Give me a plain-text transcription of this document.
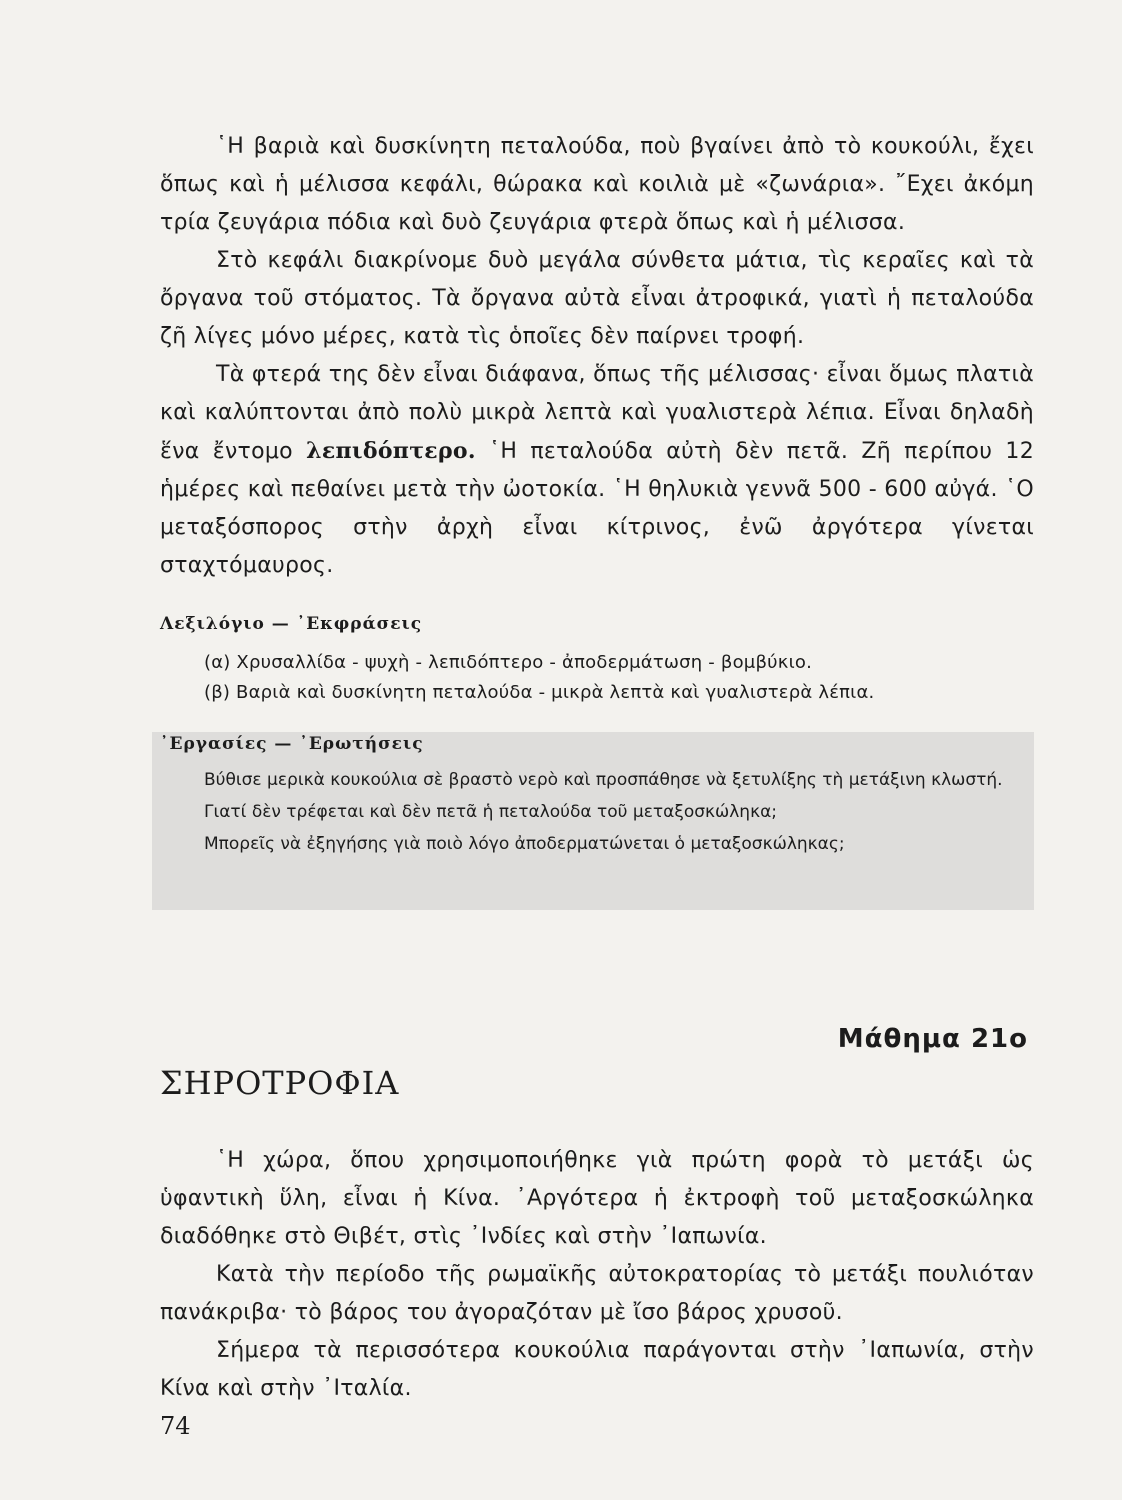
῾Η βαριὰ καὶ δυσκίνητη πεταλούδα, ποὺ βγαίνει ἀπὸ τὸ κουκούλι, ἔχει ὅπως καὶ ἡ μέλισσα κεφάλι, θώρακα καὶ κοιλιὰ μὲ «ζωνάρια». ῎Εχει ἀκόμη τρία ζευγάρια πόδια καὶ δυὸ ζευγάρια φτερὰ ὅπως καὶ ἡ μέλισσα.

Στὸ κεφάλι διακρίνομε δυὸ μεγάλα σύνθετα μάτια, τὶς κεραῖες καὶ τὰ ὄργανα τοῦ στόματος. Τὰ ὄργανα αὐτὰ εἶναι ἀτροφικά, γιατὶ ἡ πεταλούδα ζῆ λίγες μόνο μέρες, κατὰ τὶς ὁποῖες δὲν παίρνει τροφή.

Τὰ φτερά της δὲν εἶναι διάφανα, ὅπως τῆς μέλισσας· εἶναι ὅμως πλατιὰ καὶ καλύπτονται ἀπὸ πολὺ μικρὰ λεπτὰ καὶ γυαλιστερὰ λέπια. Εἶναι δηλαδὴ ἕνα ἔντομο λεπιδόπτερο. ῾Η πεταλούδα αὐτὴ δὲν πετᾶ. Ζῆ περίπου 12 ἡμέρες καὶ πεθαίνει μετὰ τὴν ὠοτοκία. ῾Η θηλυκιὰ γεννᾶ 500 - 600 αὐγά. ῾Ο μεταξόσπορος στὴν ἀρχὴ εἶναι κίτρινος, ἐνῶ ἀργότερα γίνεται σταχτόμαυρος.

Λεξιλόγιο — ᾿Εκφράσεις
(α) Χρυσαλλίδα - ψυχὴ - λεπιδόπτερο - ἀποδερμάτωση - βομβύκιο.
(β) Βαριὰ καὶ δυσκίνητη πεταλούδα - μικρὰ λεπτὰ καὶ γυαλιστερὰ λέπια.
᾿Εργασίες — ᾿Ερωτήσεις

Βύθισε μερικὰ κουκούλια σὲ βραστὸ νερὸ καὶ προσπάθησε νὰ ξετυλίξης τὴ μετάξινη κλωστή.

Γιατί δὲν τρέφεται καὶ δὲν πετᾶ ἡ πεταλούδα τοῦ μεταξοσκώληκα;

Μπορεῖς νὰ ἐξηγήσης γιὰ ποιὸ λόγο ἀποδερματώνεται ὁ μεταξοσκώληκας;

Μάθημα 21ο

ΣΗΡΟΤΡΟΦΙΑ

῾Η χώρα, ὅπου χρησιμοποιήθηκε γιὰ πρώτη φορὰ τὸ μετάξι ὡς ὑφαντικὴ ὕλη, εἶναι ἡ Κίνα. ᾿Αργότερα ἡ ἐκτροφὴ τοῦ μεταξοσκώληκα διαδόθηκε στὸ Θιβέτ, στὶς ᾿Ινδίες καὶ στὴν ᾿Ιαπωνία.

Κατὰ τὴν περίοδο τῆς ρωμαϊκῆς αὐτοκρατορίας τὸ μετάξι πουλιόταν πανάκριβα· τὸ βάρος του ἀγοραζόταν μὲ ἴσο βάρος χρυσοῦ.

Σήμερα τὰ περισσότερα κουκούλια παράγονται στὴν ᾿Ιαπωνία, στὴν Κίνα καὶ στὴν ᾿Ιταλία.

74
